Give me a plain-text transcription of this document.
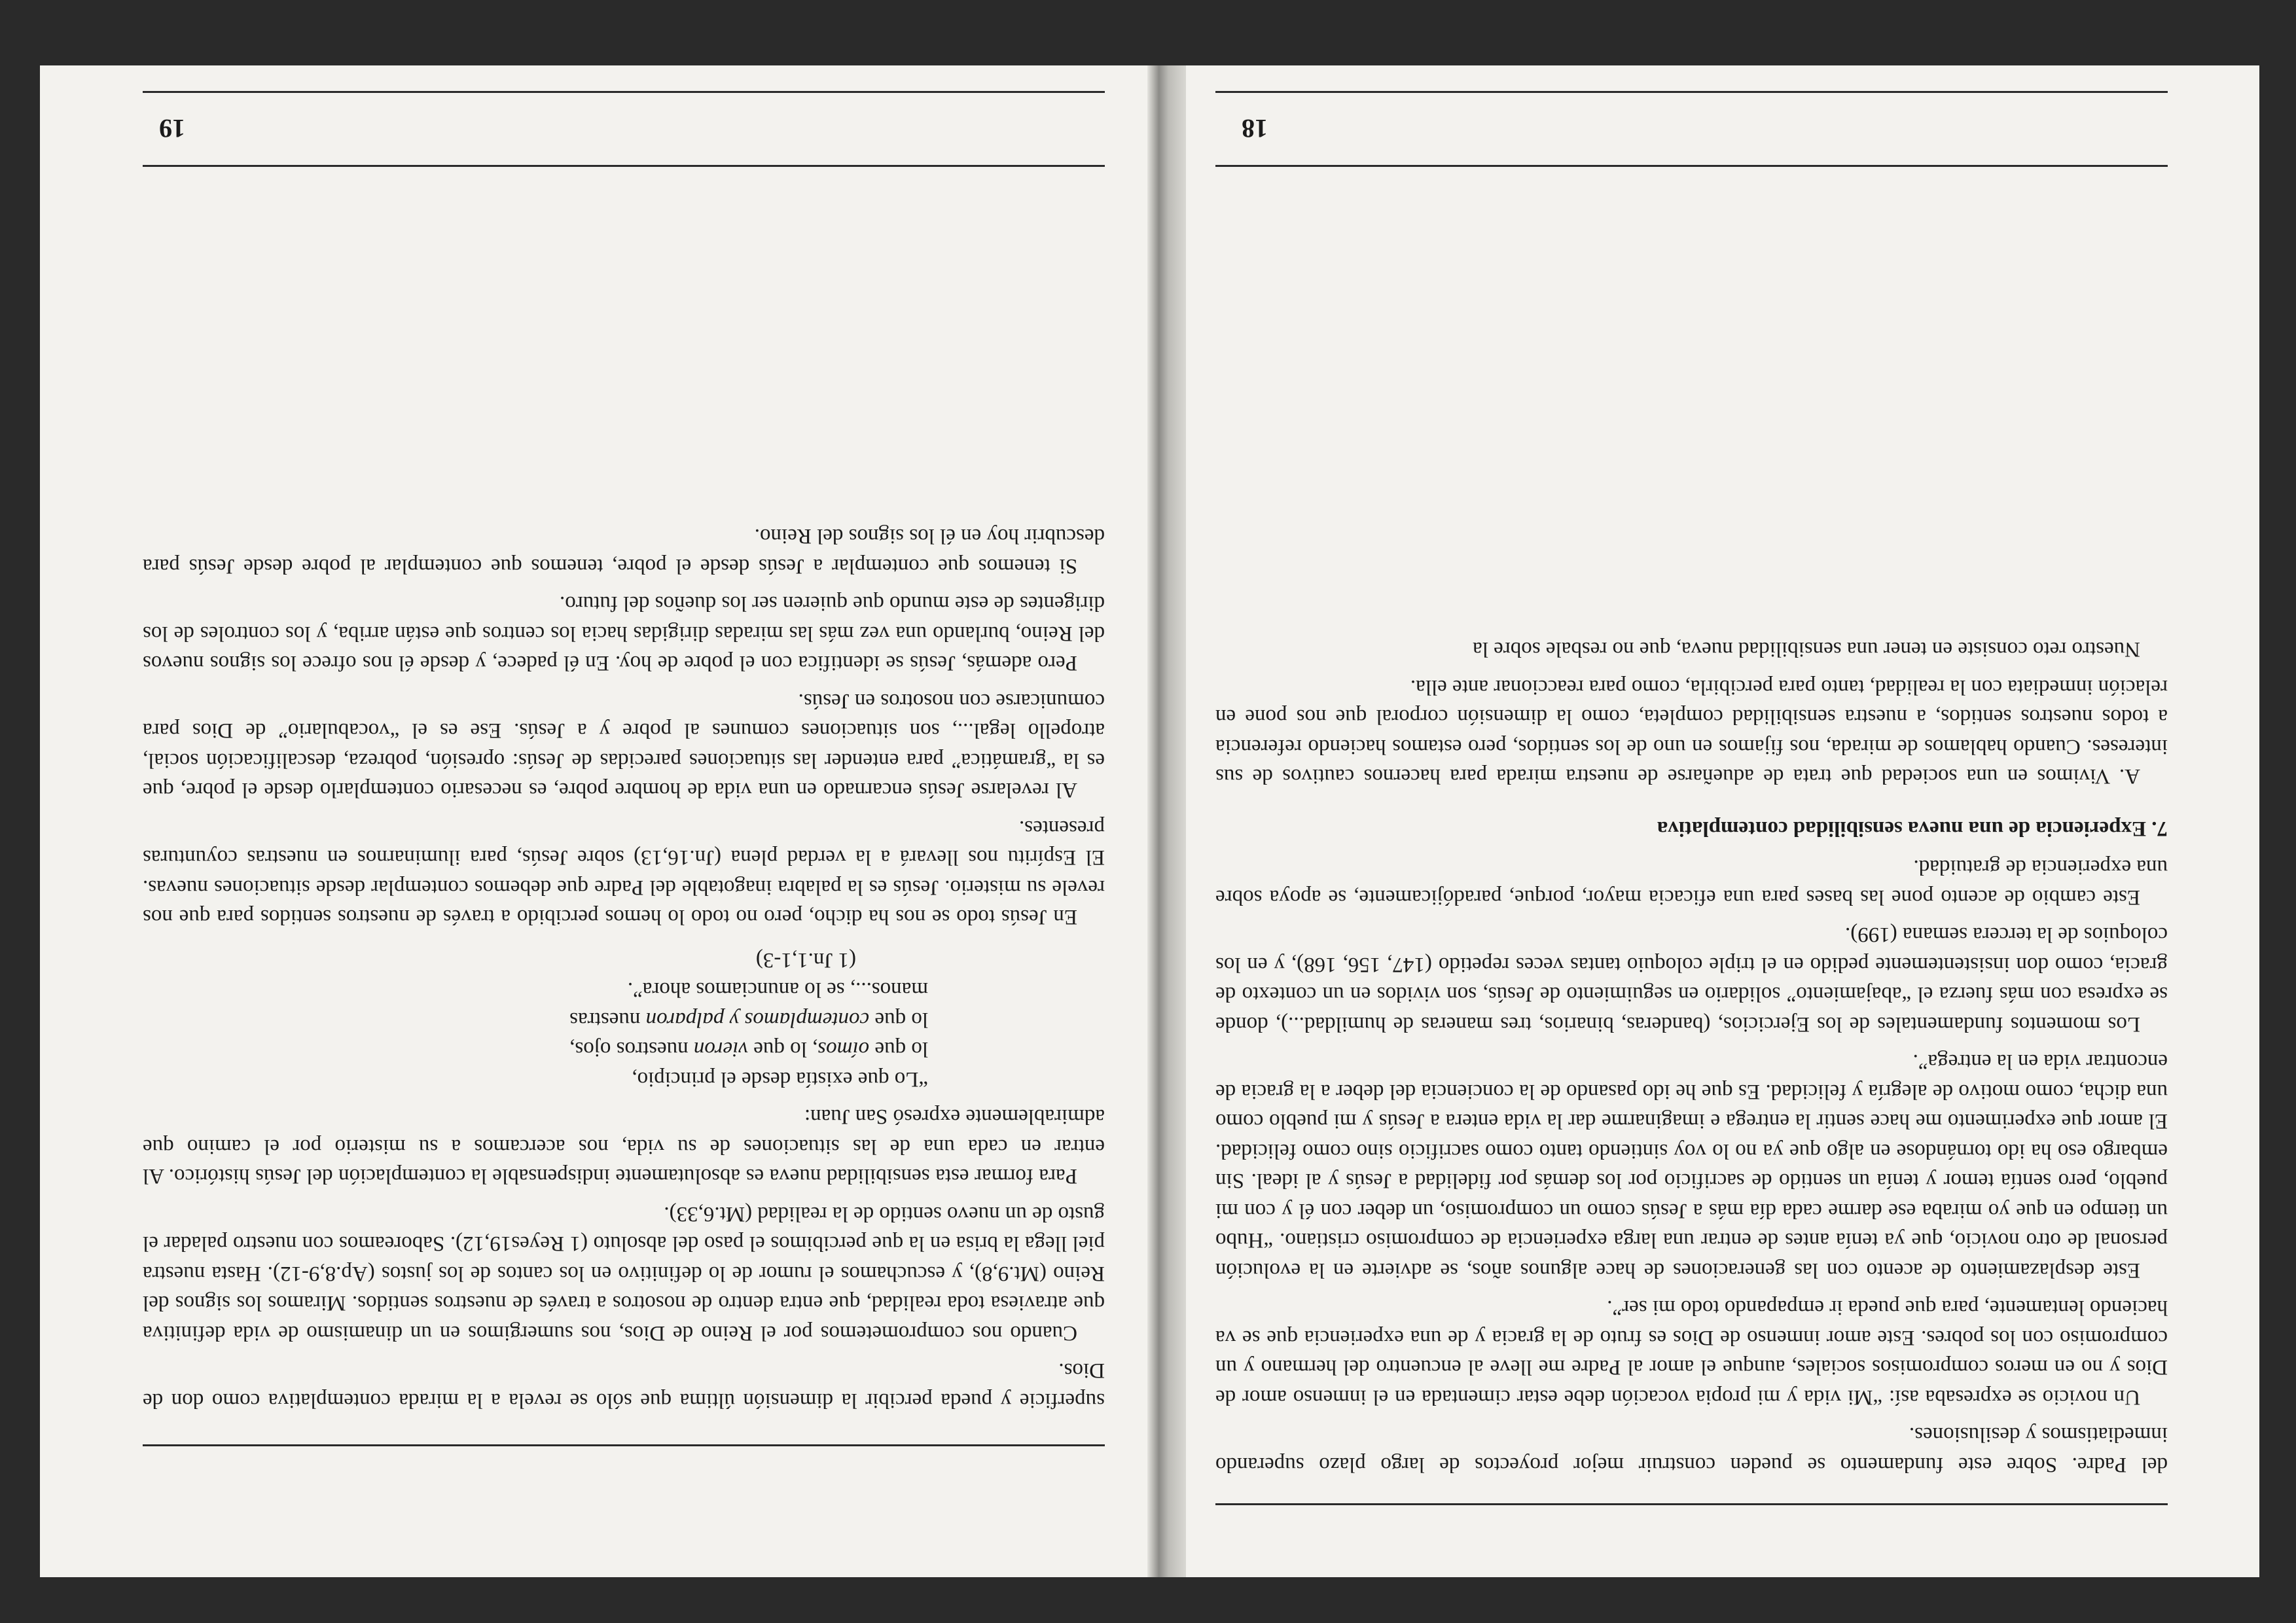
del Padre. Sobre este fundamento se pueden construir mejor proyectos de largo plazo superando inmediatismos y desilusiones.

Un novicio se expresaba así: “Mi vida y mi propia vocación debe estar cimentada en el inmenso amor de Dios y no en meros compromisos sociales, aunque el amor al Padre me lleve al encuentro del hermano y un compromiso con los pobres. Este amor inmenso de Dios es fruto de la gracia y de una experiencia que se va haciendo lentamente, para que pueda ir empapando todo mi ser”.

Este desplazamiento de acento con las generaciones de hace algunos años, se advierte en la evolución personal de otro novicio, que ya tenía antes de entrar una larga experiencia de compromiso cristiano. “Hubo un tiempo en que yo miraba ese darme cada día más a Jesús como un compromiso, un deber con él y con mi pueblo, pero sentía temor y tenía un sentido de sacrificio por los demás por fidelidad a Jesús y al ideal. Sin embargo eso ha ido tornándose en algo que ya no lo voy sintiendo tanto como sacrificio sino como felicidad. El amor que experimento me hace sentir la entrega e imaginarme dar la vida entera a Jesús y mi pueblo como una dicha, como motivo de alegría y felicidad. Es que he ido pasando de la conciencia del deber a la gracia de encontrar vida en la entrega”.

Los momentos fundamentales de los Ejercicios, (banderas, binarios, tres maneras de humildad...), donde se expresa con más fuerza el “abajamiento” solidario en seguimiento de Jesús, son vividos en un contexto de gracia, como don insistentemente pedido en el triple coloquio tantas veces repetido (147, 156, 168), y en los coloquios de la tercera semana (199).

Este cambio de acento pone las bases para una eficacia mayor, porque, paradójicamente, se apoya sobre una experiencia de gratuidad.

7. Experiencia de una nueva sensibilidad contemplativa

A. Vivimos en una sociedad que trata de adueñarse de nuestra mirada para hacernos cautivos de sus intereses. Cuando hablamos de mirada, nos fijamos en uno de los sentidos, pero estamos haciendo referencia a todos nuestros sentidos, a nuestra sensibilidad completa, como la dimensión corporal que nos pone en relación inmediata con la realidad, tanto para percibirla, como para reaccionar ante ella.

Nuestro reto consiste en tener una sensibilidad nueva, que no resbale sobre la

18

superficie y pueda percibir la dimensión última que sólo se revela a la mirada contemplativa como don de Dios.

Cuando nos comprometemos por el Reino de Dios, nos sumergimos en un dinamismo de vida definitiva que atraviesa toda realidad, que entra dentro de nosotros a través de nuestros sentidos. Miramos los signos del Reino (Mt.9,8), y escuchamos el rumor de lo definitivo en los cantos de los justos (Ap.8,9-12). Hasta nuestra piel llega la brisa en la que percibimos el paso del absoluto (1 Reyes19,12). Saboreamos con nuestro paladar el gusto de un nuevo sentido de la realidad (Mt.6,33).

Para formar esta sensibilidad nueva es absolutamente indispensable la contemplación del Jesús histórico. Al entrar en cada una de las situaciones de su vida, nos acercamos a su misterio por el camino que admirablemente expresó San Juan:

“Lo que existía desde el principio,
lo que oímos, lo que vieron nuestros ojos,
lo que contemplamos y palparon nuestras
manos..., se lo anunciamos ahora”.
(1 Jn.1,1-3)

En Jesús todo se nos ha dicho, pero no todo lo hemos percibido a través de nuestros sentidos para que nos revele su misterio. Jesús es la palabra inagotable del Padre que debemos contemplar desde situaciones nuevas. El Espíritu nos llevará a la verdad plena (Jn.16,13) sobre Jesús, para iluminarnos en nuestras coyunturas presentes.

Al revelarse Jesús encarnado en una vida de hombre pobre, es necesario contemplarlo desde el pobre, que es la “gramática” para entender las situaciones parecidas de Jesús: opresión, pobreza, descalificación social, atropello legal..., son situaciones comunes al pobre y a Jesús. Ese es el “vocabulario” de Dios para comunicarse con nosotros en Jesús.

Pero además, Jesús se identifica con el pobre de hoy. En él padece, y desde él nos ofrece los signos nuevos del Reino, burlando una vez más las miradas dirigidas hacia los centros que están arriba, y los controles de los dirigentes de este mundo que quieren ser los dueños del futuro.

Si tenemos que contemplar a Jesús desde el pobre, tenemos que contemplar al pobre desde Jesús para descubrir hoy en él los signos del Reino.

19
